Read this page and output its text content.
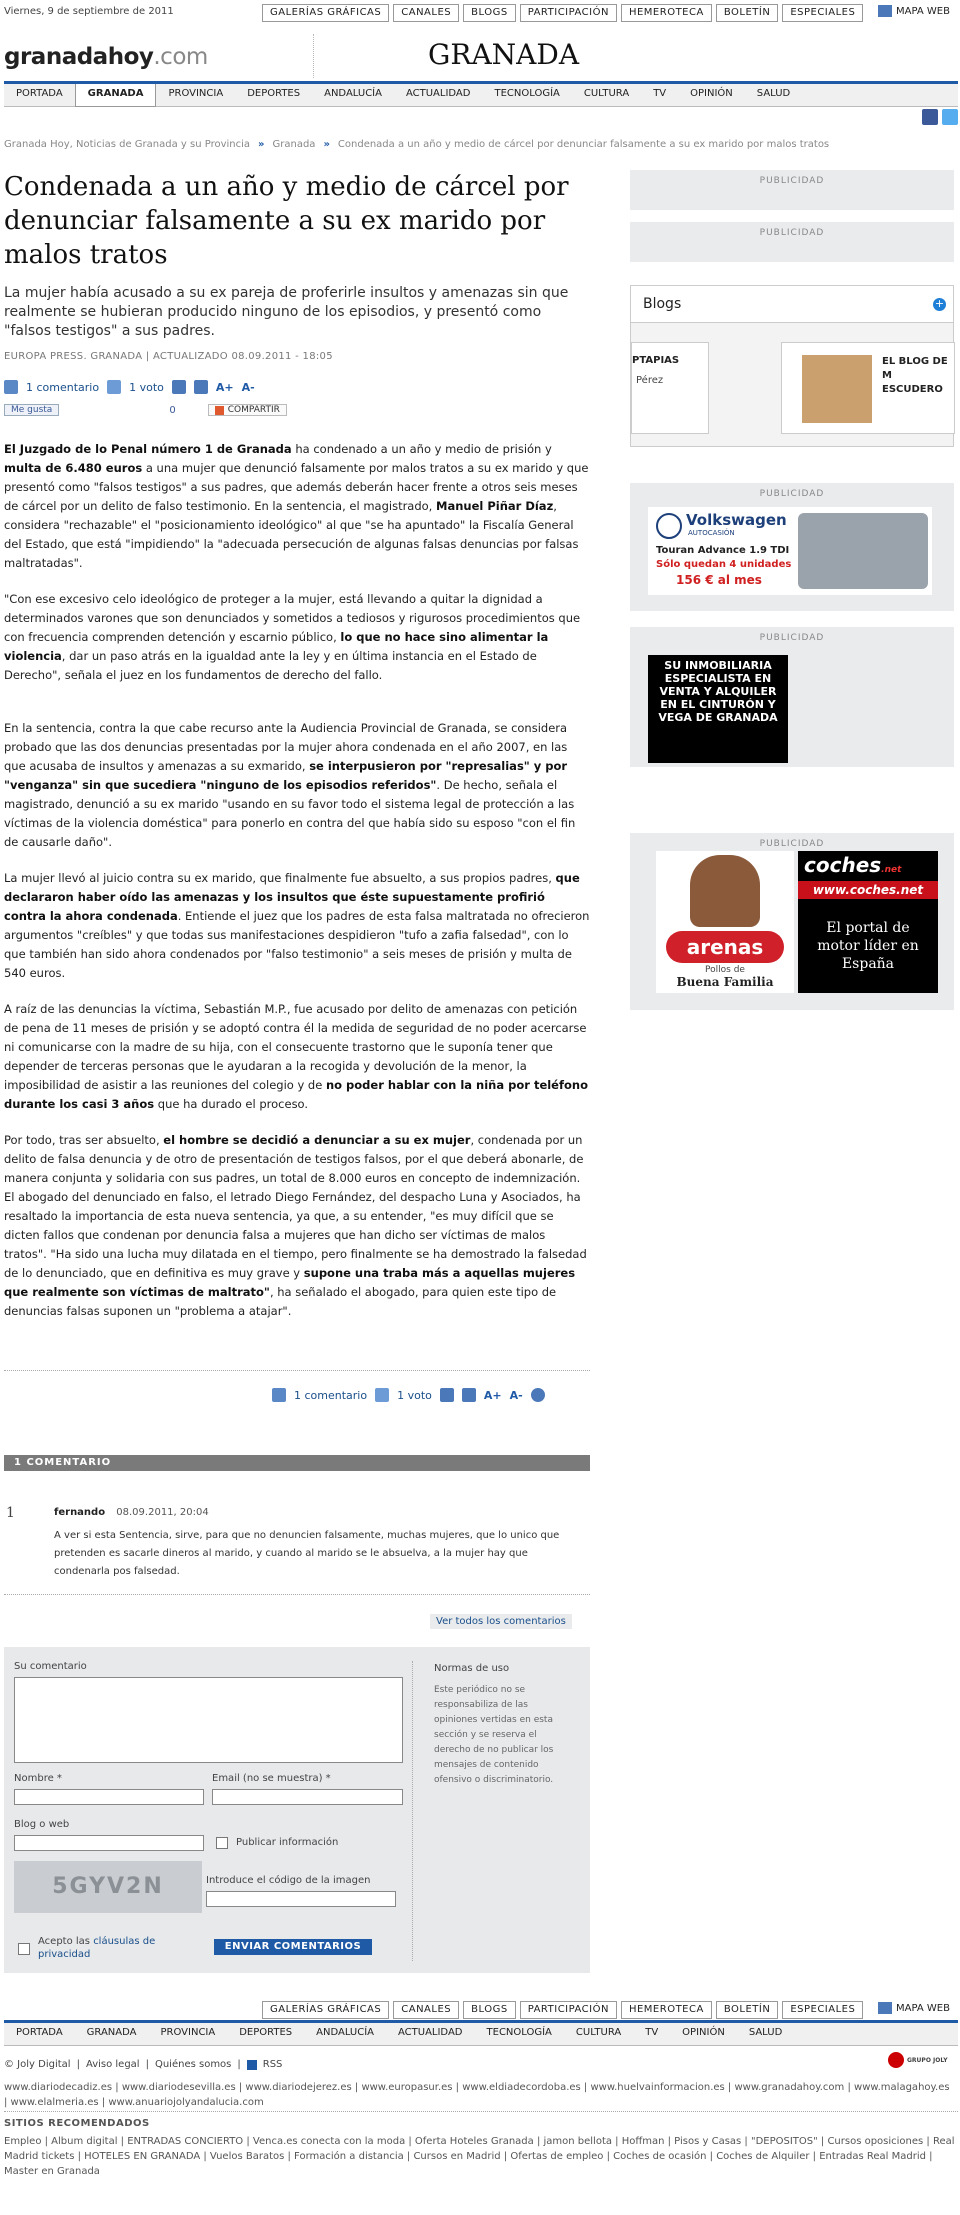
Viernes, 9 de septiembre de 2011	GALERÍAS GRÁFICAS	CANALES	BLOGS	PARTICIPACIÓN	HEMEROTECA	BOLETÍN	ESPECIALES	MAPA WEB
granadahoy.com	GRANADA
PORTADA	GRANADA	PROVINCIA	DEPORTES	ANDALUCÍA	ACTUALIDAD	TECNOLOGÍA	CULTURA	TV	OPINIÓN	SALUD
Granada Hoy, Noticias de Granada y su Provincia » Granada » Condenada a un año y medio de cárcel por denunciar falsamente a su ex marido por malos tratos
Condenada a un año y medio de cárcel por denunciar falsamente a su ex marido por malos tratos
La mujer había acusado a su ex pareja de proferirle insultos y amenazas sin que realmente se hubieran producido ninguno de los episodios, y presentó como "falsos testigos" a sus padres.
EUROPA PRESS. GRANADA | ACTUALIZADO 08.09.2011 - 18:05
1 comentario	1 voto	A+ A-
Me gusta	0	COMPARTIR

El Juzgado de lo Penal número 1 de Granada ha condenado a un año y medio de prisión y multa de 6.480 euros a una mujer que denunció falsamente por malos tratos a su ex marido y que presentó como "falsos testigos" a sus padres, que además deberán hacer frente a otros seis meses de cárcel por un delito de falso testimonio. En la sentencia, el magistrado, Manuel Piñar Díaz, considera "rechazable" el "posicionamiento ideológico" al que "se ha apuntado" la Fiscalía General del Estado, que está "impidiendo" la "adecuada persecución de algunas falsas denuncias por falsas maltratadas".

"Con ese excesivo celo ideológico de proteger a la mujer, está llevando a quitar la dignidad a determinados varones que son denunciados y sometidos a tediosos y rigurosos procedimientos que con frecuencia comprenden detención y escarnio público, lo que no hace sino alimentar la violencia, dar un paso atrás en la igualdad ante la ley y en última instancia en el Estado de Derecho", señala el juez en los fundamentos de derecho del fallo.

En la sentencia, contra la que cabe recurso ante la Audiencia Provincial de Granada, se considera probado que las dos denuncias presentadas por la mujer ahora condenada en el año 2007, en las que acusaba de insultos y amenazas a su exmarido, se interpusieron por "represalias" y por "venganza" sin que sucediera "ninguno de los episodios referidos". De hecho, señala el magistrado, denunció a su ex marido "usando en su favor todo el sistema legal de protección a las víctimas de la violencia doméstica" para ponerlo en contra del que había sido su esposo "con el fin de causarle daño".

La mujer llevó al juicio contra su ex marido, que finalmente fue absuelto, a sus propios padres, que declararon haber oído las amenazas y los insultos que éste supuestamente profirió contra la ahora condenada. Entiende el juez que los padres de esta falsa maltratada no ofrecieron argumentos "creíbles" y que todas sus manifestaciones despidieron "tufo a zafia falsedad", con lo que también han sido ahora condenados por "falso testimonio" a seis meses de prisión y multa de 540 euros.

A raíz de las denuncias la víctima, Sebastián M.P., fue acusado por delito de amenazas con petición de pena de 11 meses de prisión y se adoptó contra él la medida de seguridad de no poder acercarse ni comunicarse con la madre de su hija, con el consecuente trastorno que le suponía tener que depender de terceras personas que le ayudaran a la recogida y devolución de la menor, la imposibilidad de asistir a las reuniones del colegio y de no poder hablar con la niña por teléfono durante los casi 3 años que ha durado el proceso.

Por todo, tras ser absuelto, el hombre se decidió a denunciar a su ex mujer, condenada por un delito de falsa denuncia y de otro de presentación de testigos falsos, por el que deberá abonarle, de manera conjunta y solidaria con sus padres, un total de 8.000 euros en concepto de indemnización. El abogado del denunciado en falso, el letrado Diego Fernández, del despacho Luna y Asociados, ha resaltado la importancia de esta nueva sentencia, ya que, a su entender, "es muy difícil que se dicten fallos que condenan por denuncia falsa a mujeres que han dicho ser víctimas de malos tratos". "Ha sido una lucha muy dilatada en el tiempo, pero finalmente se ha demostrado la falsedad de lo denunciado, que en definitiva es muy grave y supone una traba más a aquellas mujeres que realmente son víctimas de maltrato", ha señalado el abogado, para quien este tipo de denuncias falsas suponen un "problema a atajar".

1 comentario	1 voto	A+ A-
1 COMENTARIO
1	fernando 08.09.2011, 20:04
A ver si esta Sentencia, sirve, para que no denuncien falsamente, muchas mujeres, que lo unico que pretenden es sacarle dineros al marido, y cuando al marido se le absuelva, a la mujer hay que condenarla pos falsedad.
Ver todos los comentarios
Su comentario
Nombre *	Email (no se muestra) *
Blog o web
Publicar información
5GYV2N	Introduce el código de la imagen
Acepto las cláusulas de privacidad
ENVIAR COMENTARIOS
Normas de uso
Este periódico no se responsabiliza de las opiniones vertidas en esta sección y se reserva el derecho de no publicar los mensajes de contenido ofensivo o discriminatorio.
PUBLICIDAD
PUBLICIDAD
Blogs	+
PTAPIAS
Pérez
EL BLOG DE M ESCUDERO
PUBLICIDAD
Volkswagen
AUTOCASIÓN
Touran Advance 1.9 TDI
Sólo quedan 4 unidades
156 € al mes
PUBLICIDAD
SU INMOBILIARIA ESPECIALISTA EN VENTA Y ALQUILER EN EL CINTURÓN Y VEGA DE GRANADA
PUBLICIDAD
arenas
Pollos de
Buena Familia
coches.net
www.coches.net
El portal de motor líder en España
GALERÍAS GRÁFICAS	CANALES	BLOGS	PARTICIPACIÓN	HEMEROTECA	BOLETÍN	ESPECIALES	MAPA WEB
PORTADA	GRANADA	PROVINCIA	DEPORTES	ANDALUCÍA	ACTUALIDAD	TECNOLOGÍA	CULTURA	TV	OPINIÓN	SALUD
© Joly Digital | Aviso legal | Quiénes somos | RSS	GRUPO JOLY
www.diariodecadiz.es | www.diariodesevilla.es | www.diariodejerez.es | www.europasur.es | www.eldiadecordoba.es | www.huelvainformacion.es | www.granadahoy.com | www.malagahoy.es | www.elalmeria.es | www.anuariojolyandalucia.com
SITIOS RECOMENDADOS
Empleo | Album digital | ENTRADAS CONCIERTO | Venca.es conecta con la moda | Oferta Hoteles Granada | jamon bellota | Hoffman | Pisos y Casas | "DEPOSITOS" | Cursos oposiciones | Real Madrid tickets | HOTELES EN GRANADA | Vuelos Baratos | Formación a distancia | Cursos en Madrid | Ofertas de empleo | Coches de ocasión | Coches de Alquiler | Entradas Real Madrid | Master en Granada
